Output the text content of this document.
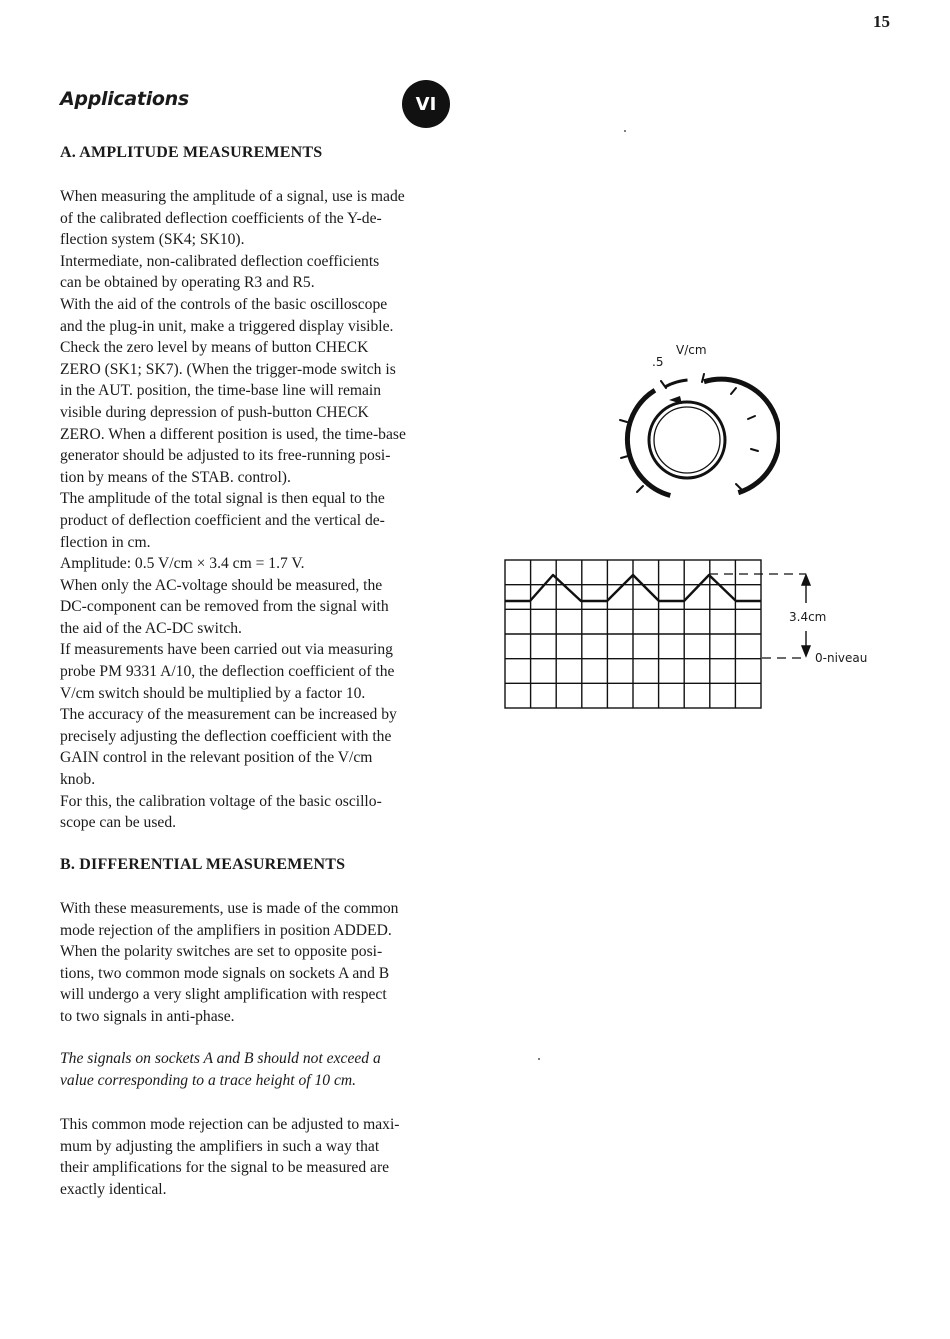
15
Applications	VI
A. AMPLITUDE MEASUREMENTS
When measuring the amplitude of a signal, use is made
of the calibrated deflection coefficients of the Y-de-
flection system (SK4; SK10).
Intermediate, non-calibrated deflection coefficients
can be obtained by operating R3 and R5.
With the aid of the controls of the basic oscilloscope
and the plug-in unit, make a triggered display visible.
Check the zero level by means of button CHECK
ZERO (SK1; SK7). (When the trigger-mode switch is
in the AUT. position, the time-base line will remain
visible during depression of push-button CHECK
ZERO. When a different position is used, the time-base
generator should be adjusted to its free-running posi-
tion by means of the STAB. control).
The amplitude of the total signal is then equal to the
product of deflection coefficient and the vertical de-
flection in cm.
Amplitude: 0.5 V/cm × 3.4 cm = 1.7 V.
When only the AC-voltage should be measured, the
DC-component can be removed from the signal with
the aid of the AC-DC switch.
If measurements have been carried out via measuring
probe PM 9331 A/10, the deflection coefficient of the
V/cm switch should be multiplied by a factor 10.
The accuracy of the measurement can be increased by
precisely adjusting the deflection coefficient with the
GAIN control in the relevant position of the V/cm
knob.
For this, the calibration voltage of the basic oscillo-
scope can be used.
B. DIFFERENTIAL MEASUREMENTS
With these measurements, use is made of the common
mode rejection of the amplifiers in position ADDED.
When the polarity switches are set to opposite posi-
tions, two common mode signals on sockets A and B
will undergo a very slight amplification with respect
to two signals in anti-phase.
The signals on sockets A and B should not exceed a
value corresponding to a trace height of 10 cm.
This common mode rejection can be adjusted to maxi-
mum by adjusting the amplifiers in such a way that
their amplifications for the signal to be measured are
exactly identical.
V/cm
.5
3.4cm
0-niveau
